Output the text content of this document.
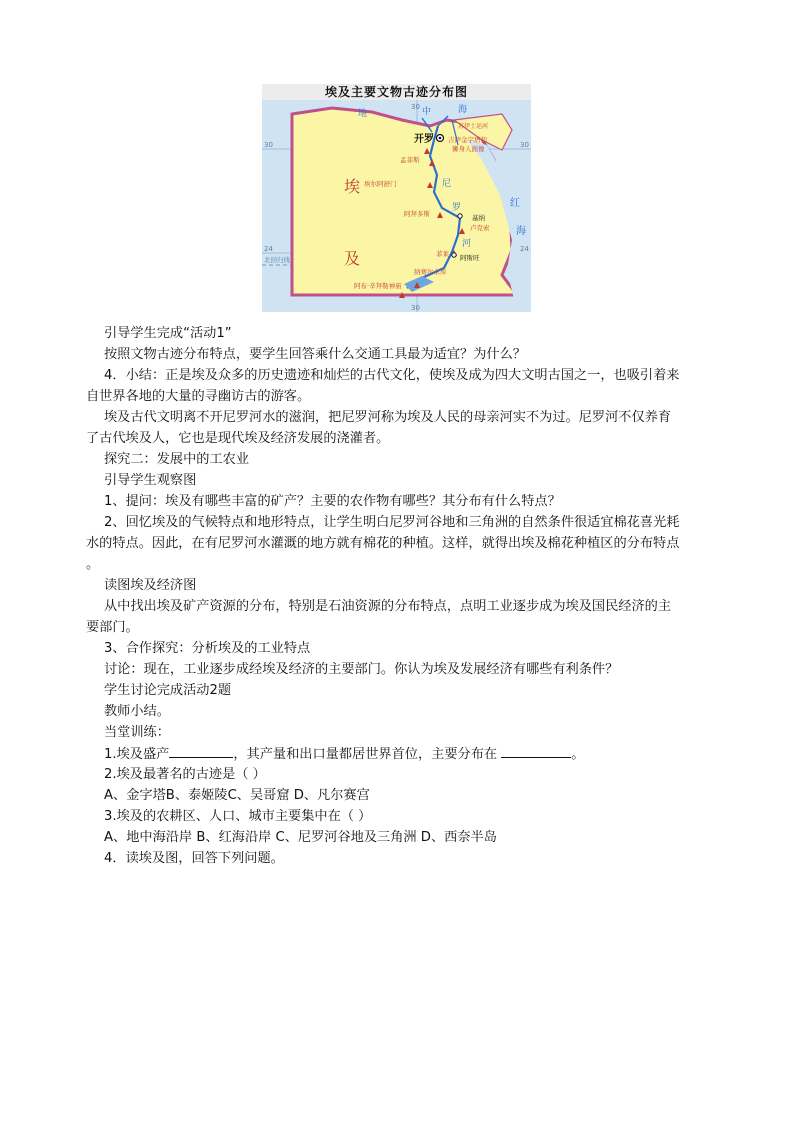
埃及主要文物古迹分布图
埃
及
地	中	海
红
海
尼
罗
河
开罗
苏伊士运河
吉萨金字塔和
狮身人面像
孟菲斯
埃尔阿舒门
阿拜多斯	基纳
卢克索
菲莱 阿斯旺
纳赛尔水库
阿布·辛拜勒神庙
北回归线
30	30
24
24
30
30
引导学生完成“活动1”
按照文物古迹分布特点，要学生回答乘什么交通工具最为适宜？为什么？
4．小结：正是埃及众多的历史遗迹和灿烂的古代文化，使埃及成为四大文明古国之一，也吸引着来
自世界各地的大量的寻幽访古的游客。
埃及古代文明离不开尼罗河水的滋润，把尼罗河称为埃及人民的母亲河实不为过。尼罗河不仅养育
了古代埃及人，它也是现代埃及经济发展的浇灌者。
探究二：发展中的工农业
引导学生观察图
1、提问：埃及有哪些丰富的矿产？主要的农作物有哪些？其分布有什么特点？
2、回忆埃及的气候特点和地形特点，让学生明白尼罗河谷地和三角洲的自然条件很适宜棉花喜光耗
水的特点。因此，在有尼罗河水灌溉的地方就有棉花的种植。这样，就得出埃及棉花种植区的分布特点
。
读图埃及经济图
从中找出埃及矿产资源的分布，特别是石油资源的分布特点，点明工业逐步成为埃及国民经济的主
要部门。
3、合作探究：分析埃及的工业特点
讨论：现在，工业逐步成经埃及经济的主要部门。你认为埃及发展经济有哪些有利条件？
学生讨论完成活动2题
教师小结。
当堂训练：
1.埃及盛产	，其产量和出口量都居世界首位，主要分布在	。
2.埃及最著名的古迹是（ ）
A、金字塔B、泰姬陵C、吴哥窟 D、凡尔赛宫
3.埃及的农耕区、人口、城市主要集中在（ ）
A、地中海沿岸 B、红海沿岸 C、尼罗河谷地及三角洲 D、西奈半岛
4．读埃及图，回答下列问题。
